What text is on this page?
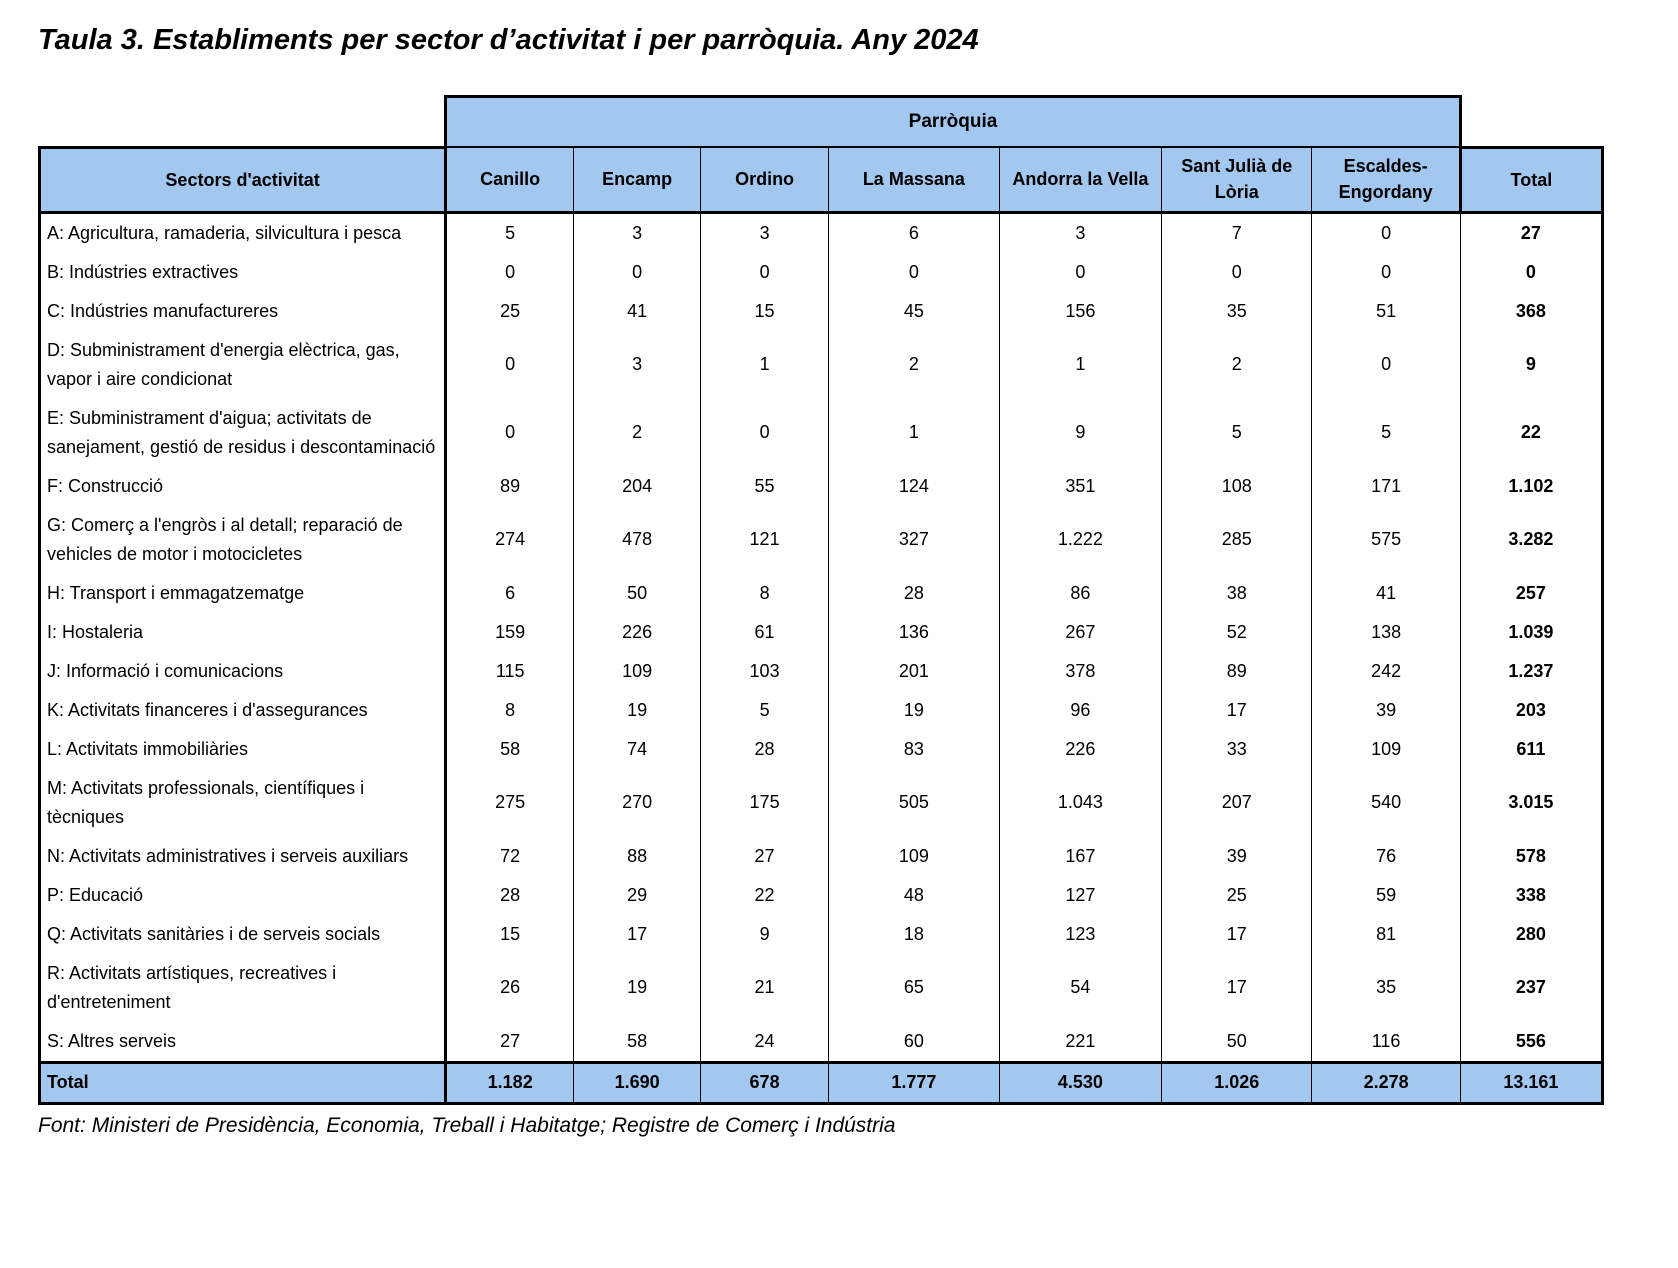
Taula 3. Establiments per sector d’activitat i per parròquia. Any 2024
	Parròquia							
Sectors d'activitat	Canillo	Encamp	Ordino	La Massana	Andorra la Vella	Sant Julià de Lòria	Escaldes-Engordany	Total
A: Agricultura, ramaderia, silvicultura i pesca	5	3	3	6	3	7	0	27
B: Indústries extractives	0	0	0	0	0	0	0	0
C: Indústries manufactureres	25	41	15	45	156	35	51	368
D: Subministrament d'energia elèctrica, gas, vapor i aire condicionat	0	3	1	2	1	2	0	9
E: Subministrament d'aigua; activitats de sanejament, gestió de residus i descontaminació	0	2	0	1	9	5	5	22
F: Construcció	89	204	55	124	351	108	171	1.102
G: Comerç a l'engròs i al detall; reparació de vehicles de motor i motocicletes	274	478	121	327	1.222	285	575	3.282
H: Transport i emmagatzematge	6	50	8	28	86	38	41	257
I: Hostaleria	159	226	61	136	267	52	138	1.039
J: Informació i comunicacions	115	109	103	201	378	89	242	1.237
K: Activitats financeres i d'assegurances	8	19	5	19	96	17	39	203
L: Activitats immobiliàries	58	74	28	83	226	33	109	611
M: Activitats professionals, científiques i tècniques	275	270	175	505	1.043	207	540	3.015
N: Activitats administratives i serveis auxiliars	72	88	27	109	167	39	76	578
P: Educació	28	29	22	48	127	25	59	338
Q: Activitats sanitàries i de serveis socials	15	17	9	18	123	17	81	280
R: Activitats artístiques, recreatives i d'entreteniment	26	19	21	65	54	17	35	237
S: Altres serveis	27	58	24	60	221	50	116	556
Total	1.182	1.690	678	1.777	4.530	1.026	2.278	13.161
Font: Ministeri de Presidència, Economia, Treball i Habitatge; Registre de Comerç i Indústria
